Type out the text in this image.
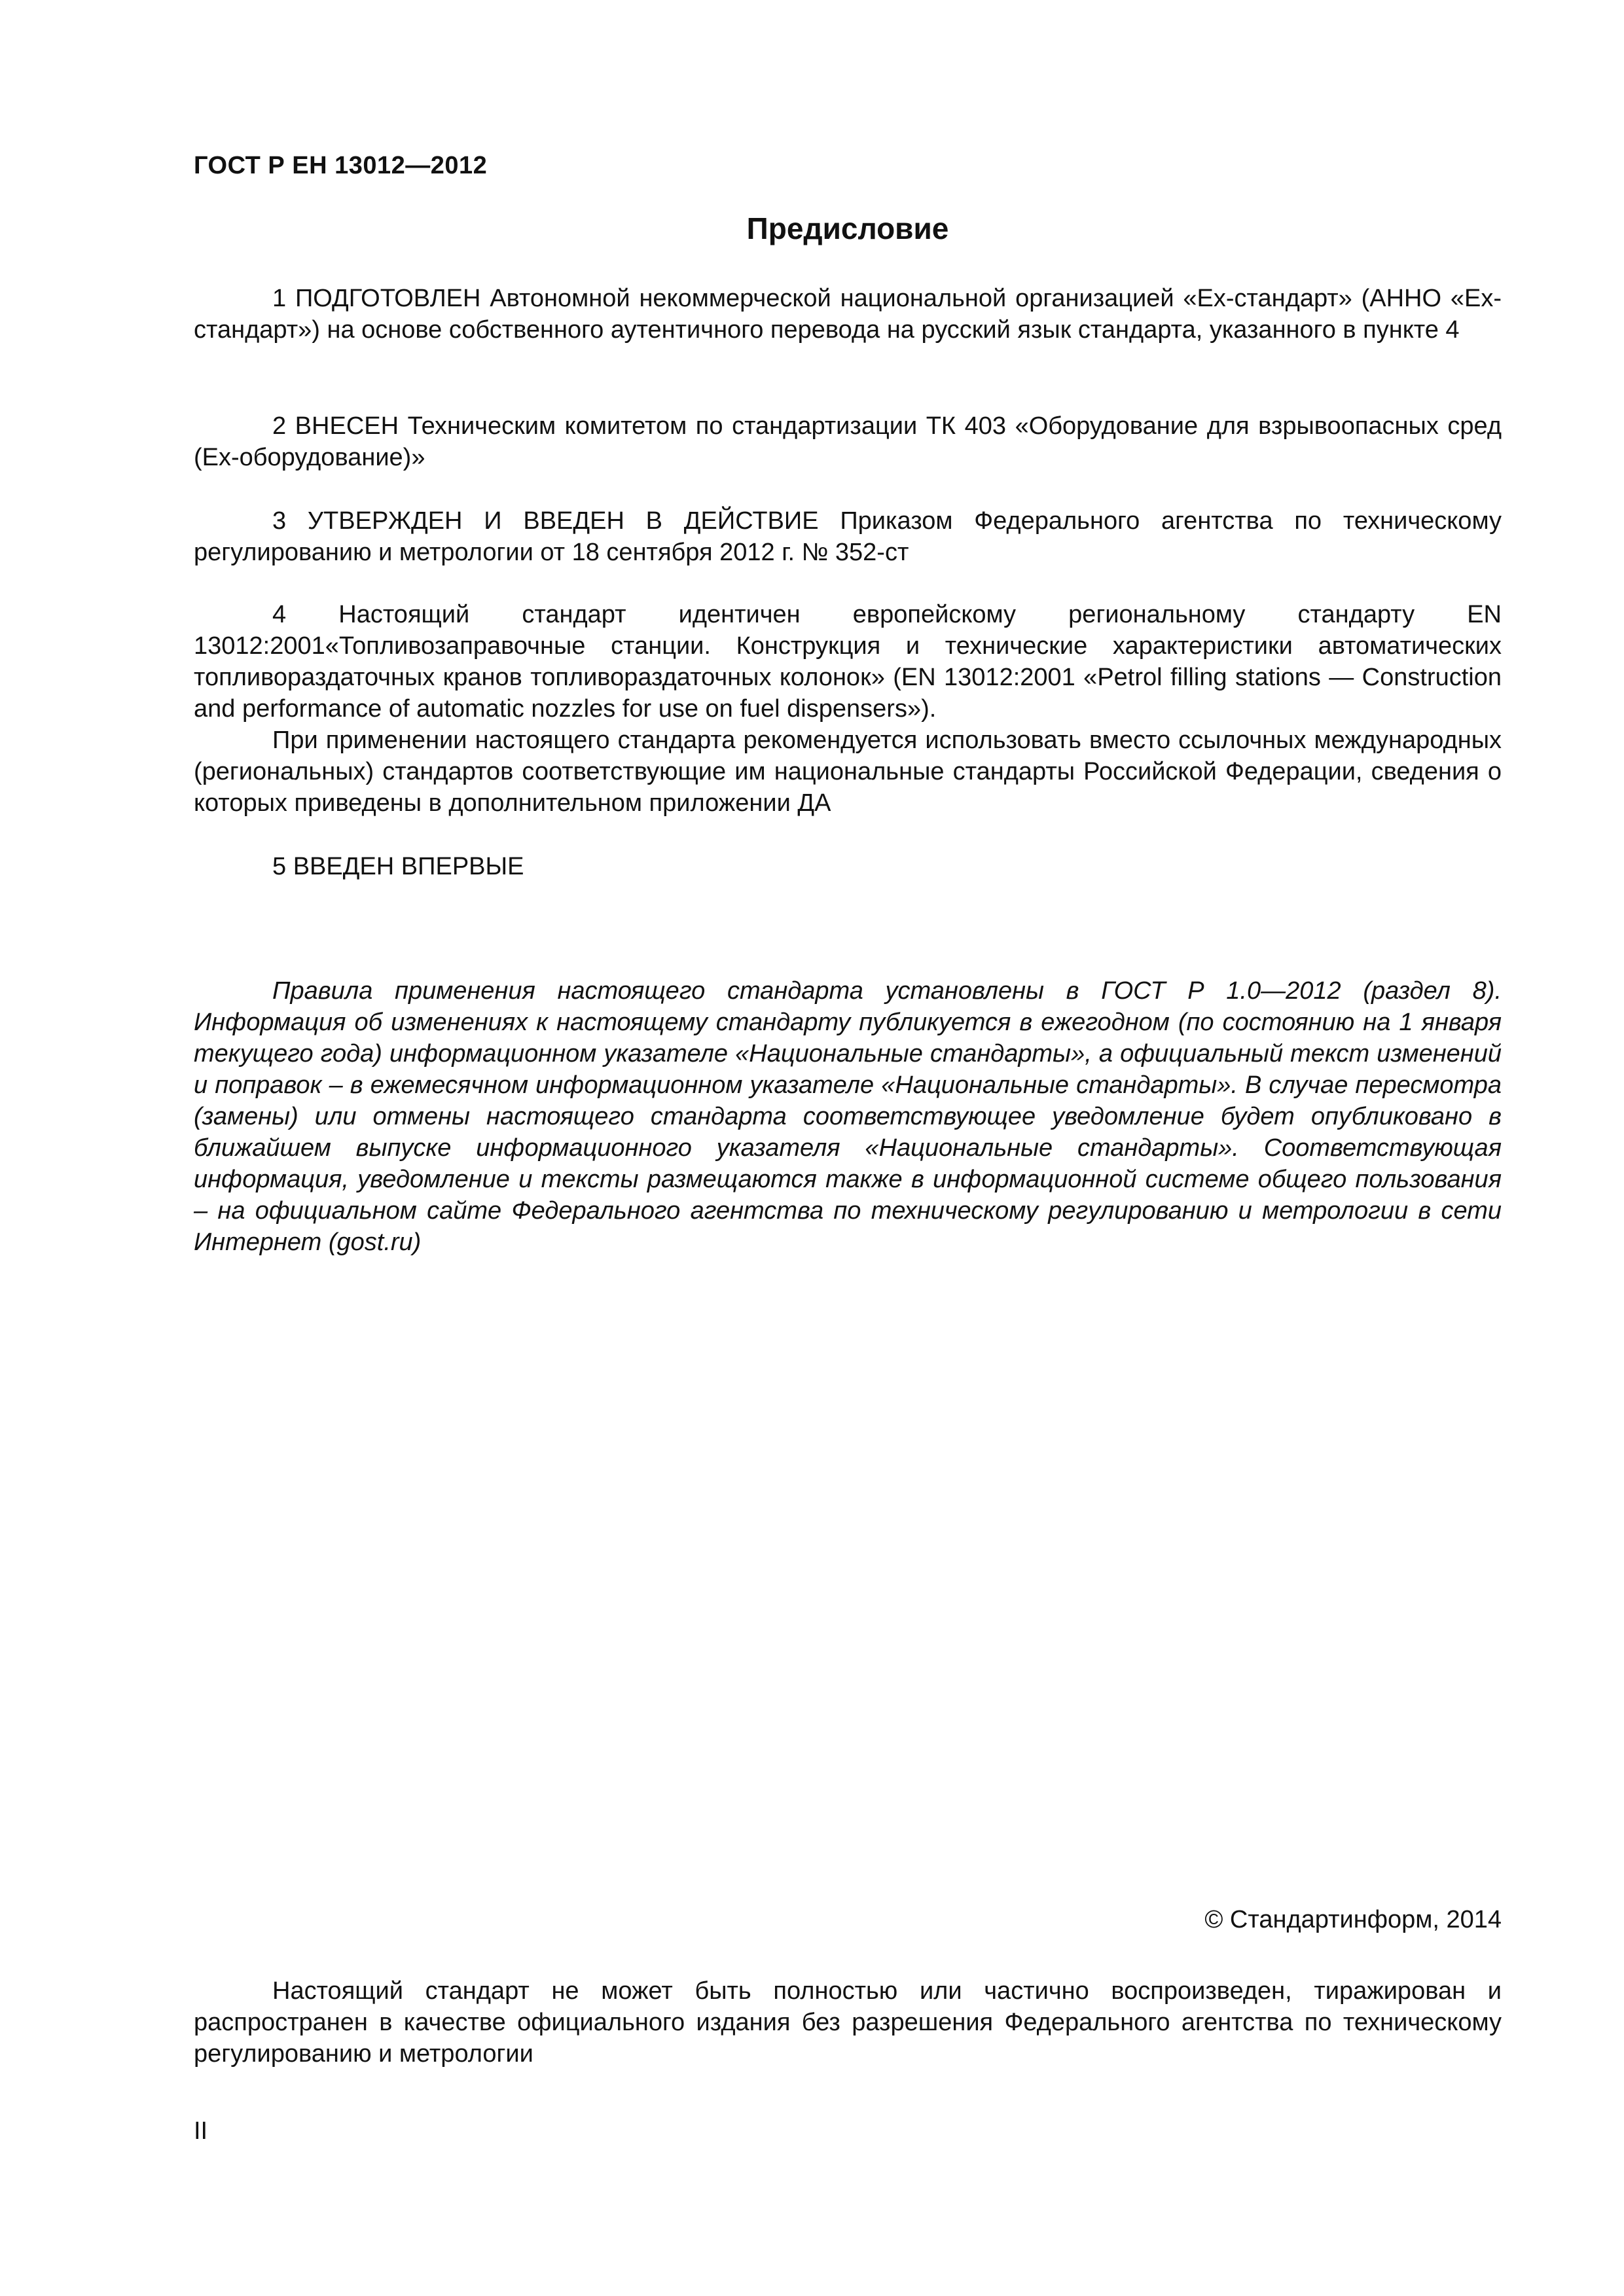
ГОСТ Р ЕН 13012—2012
Предисловие

1 ПОДГОТОВЛЕН Автономной некоммерческой национальной организацией «Ех-стандарт» (АННО «Ех-стандарт») на основе собственного аутентичного перевода на русский язык стандарта, указанного в пункте 4

2 ВНЕСЕН Техническим комитетом по стандартизации ТК 403 «Оборудование для взрывоопасных сред (Ех-оборудование)»

3 УТВЕРЖДЕН И ВВЕДЕН В ДЕЙСТВИЕ Приказом Федерального агентства по техническому регулированию и метрологии от 18 сентября 2012 г. № 352-ст

4 Настоящий стандарт идентичен европейскому региональному стандарту EN 13012:2001«Топливозаправочные станции. Конструкция и технические характеристики автоматических топливораздаточных кранов топливораздаточных колонок» (EN 13012:2001 «Petrol filling stations — Construction and performance of automatic nozzles for use on fuel dispensers»).

При применении настоящего стандарта рекомендуется использовать вместо ссылочных международных (региональных) стандартов соответствующие им национальные стандарты Российской Федерации, сведения о которых приведены в дополнительном приложении ДА

5 ВВЕДЕН ВПЕРВЫЕ

Правила применения настоящего стандарта установлены в ГОСТ Р 1.0—2012 (раздел 8). Информация об изменениях к настоящему стандарту публикуется в ежегодном (по состоянию на 1 января текущего года) информационном указателе «Национальные стандарты», а официальный текст изменений и поправок – в ежемесячном информационном указателе «Национальные стандарты». В случае пересмотра (замены) или отмены настоящего стандарта соответствующее уведомление будет опубликовано в ближайшем выпуске информационного указателя «Национальные стандарты». Соответствующая информация, уведомление и тексты размещаются также в информационной системе общего пользования – на официальном сайте Федерального агентства по техническому регулированию и метрологии в сети Интернет (gost.ru)

© Стандартинформ, 2014

Настоящий стандарт не может быть полностью или частично воспроизведен, тиражирован и распространен в качестве официального издания без разрешения Федерального агентства по техническому регулированию и метрологии

II
